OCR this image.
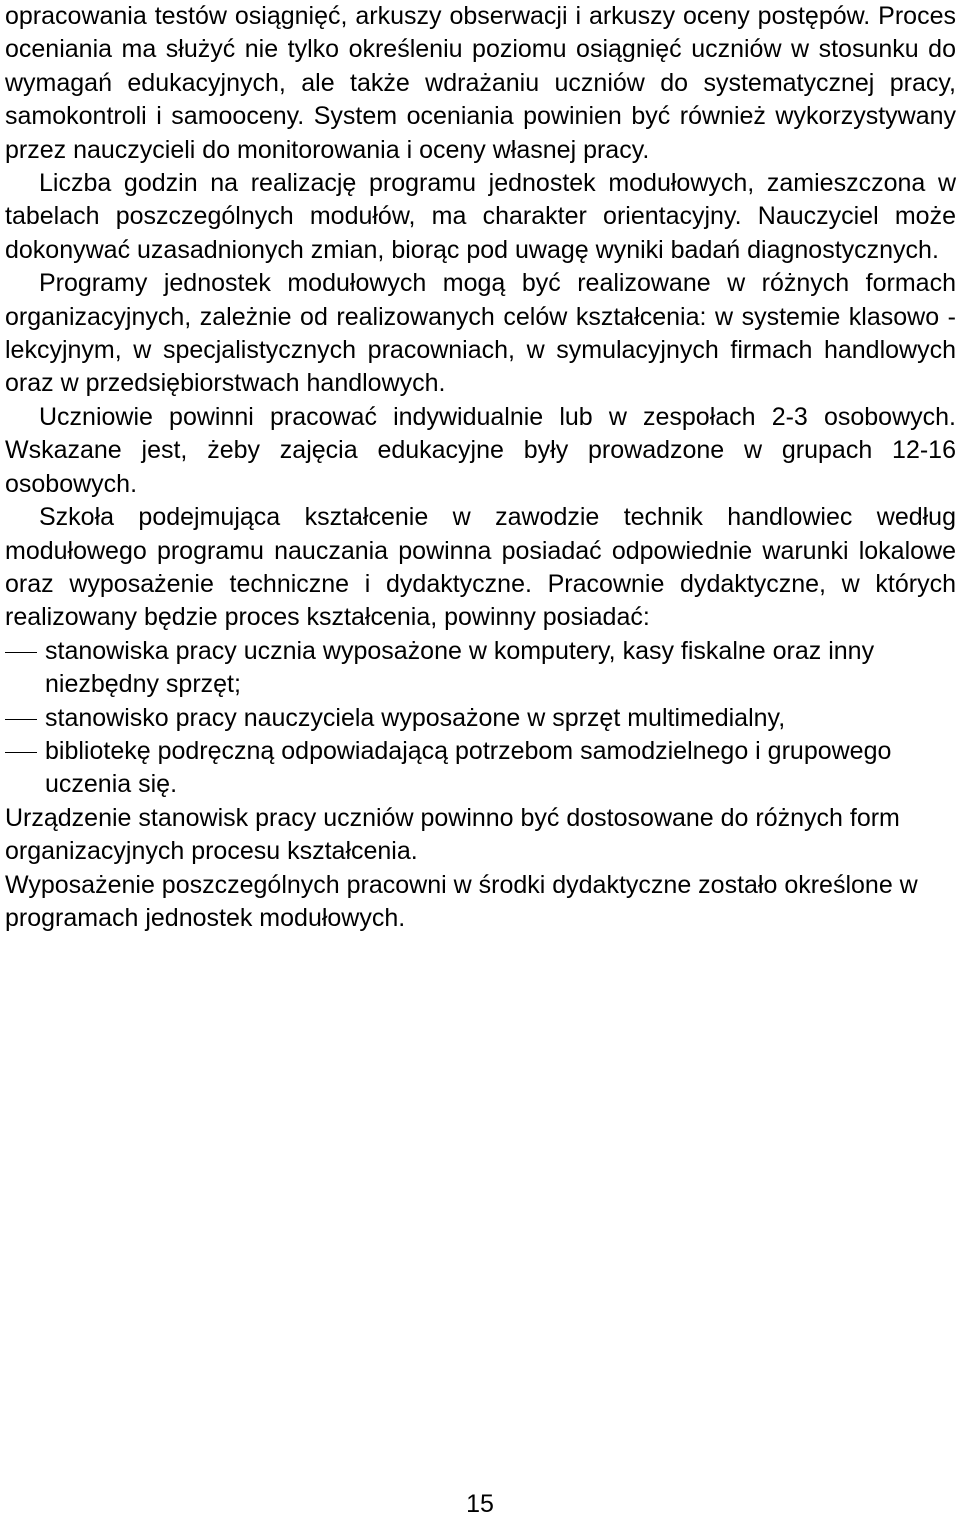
opracowania testów osiągnięć, arkuszy obserwacji i arkuszy oceny postępów. Proces oceniania ma służyć nie tylko określeniu poziomu osiągnięć uczniów w stosunku do wymagań edukacyjnych, ale także wdrażaniu uczniów do systematycznej pracy, samokontroli i samooceny. System oceniania powinien być również wykorzystywany przez nauczycieli do monitorowania i oceny własnej pracy.

Liczba godzin na realizację programu jednostek modułowych, zamieszczona w tabelach poszczególnych modułów, ma charakter orientacyjny. Nauczyciel może dokonywać uzasadnionych zmian, biorąc pod uwagę wyniki badań diagnostycznych.

Programy jednostek modułowych mogą być realizowane w różnych formach organizacyjnych, zależnie od realizowanych celów kształcenia: w systemie klasowo - lekcyjnym, w specjalistycznych pracowniach, w symulacyjnych firmach handlowych oraz w przedsiębiorstwach handlowych.

Uczniowie powinni pracować indywidualnie lub w zespołach 2-3 osobowych. Wskazane jest, żeby zajęcia edukacyjne były prowadzone w grupach 12-16 osobowych.

Szkoła podejmująca kształcenie w zawodzie technik handlowiec według modułowego programu nauczania powinna posiadać odpowiednie warunki lokalowe oraz wyposażenie techniczne i dydaktyczne. Pracownie dydaktyczne, w których realizowany będzie proces kształcenia, powinny posiadać:

stanowiska pracy ucznia wyposażone w komputery, kasy fiskalne oraz inny niezbędny sprzęt;
stanowisko pracy nauczyciela wyposażone w sprzęt multimedialny,
bibliotekę podręczną odpowiadającą potrzebom samodzielnego i grupowego uczenia się.

Urządzenie stanowisk pracy uczniów powinno być dostosowane do różnych form organizacyjnych procesu kształcenia.

Wyposażenie poszczególnych pracowni w środki dydaktyczne zostało określone w programach jednostek modułowych.

15
